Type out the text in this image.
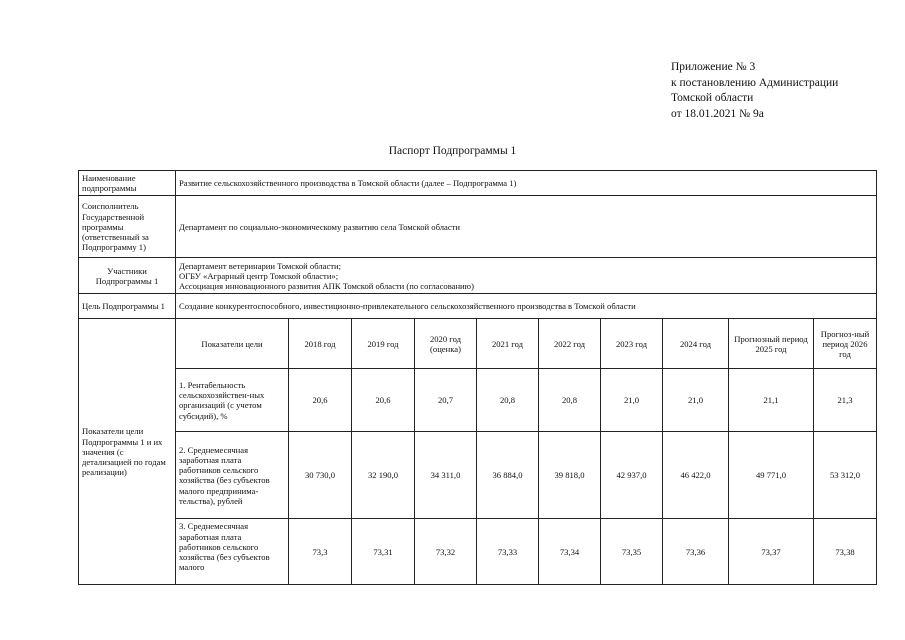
Приложение № 3
к постановлению Администрации
Томской области
от 18.01.2021 № 9а
Паспорт Подпрограммы 1
Наименование подпрограммы	Развитие сельскохозяйственного производства в Томской области (далее – Подпрограмма 1)									
Соисполнитель Государственной программы (ответственный за Подпрограмму 1)	Департамент по социально-экономическому развитию села Томской области									
Участники Подпрограммы 1	Департамент ветеринарии Томской области;
ОГБУ «Аграрный центр Томской области»;
Ассоциация инновационного развития АПК Томской области (по согласованию)									
Цель Подпрограммы 1	Создание конкурентоспособного, инвестиционно-привлекательного сельскохозяйственного производства в Томской области									
Показатели цели Подпрограммы 1 и их значения (с детализацией по годам реализации)	Показатели цели	2018 год	2019 год	2020 год (оценка)	2021 год	2022 год	2023 год	2024 год	Прогнозный период 2025 год	Прогноз-ный период 2026 год
	1. Рентабельность сельскохозяйствен-ных организаций (с учетом субсидий), %	20,6	20,6	20,7	20,8	20,8	21,0	21,0	21,1	21,3
	2. Среднемесячная заработная плата работников сельского хозяйства (без субъектов малого предпринима-тельства), рублей	30 730,0	32 190,0	34 311,0	36 884,0	39 818,0	42 937,0	46 422,0	49 771,0	53 312,0

	3. Среднемесячная заработная плата работников сельского хозяйства (без субъектов малого	73,3	73,31	73,32	73,33	73,34	73,35	73,36	73,37	73,38
